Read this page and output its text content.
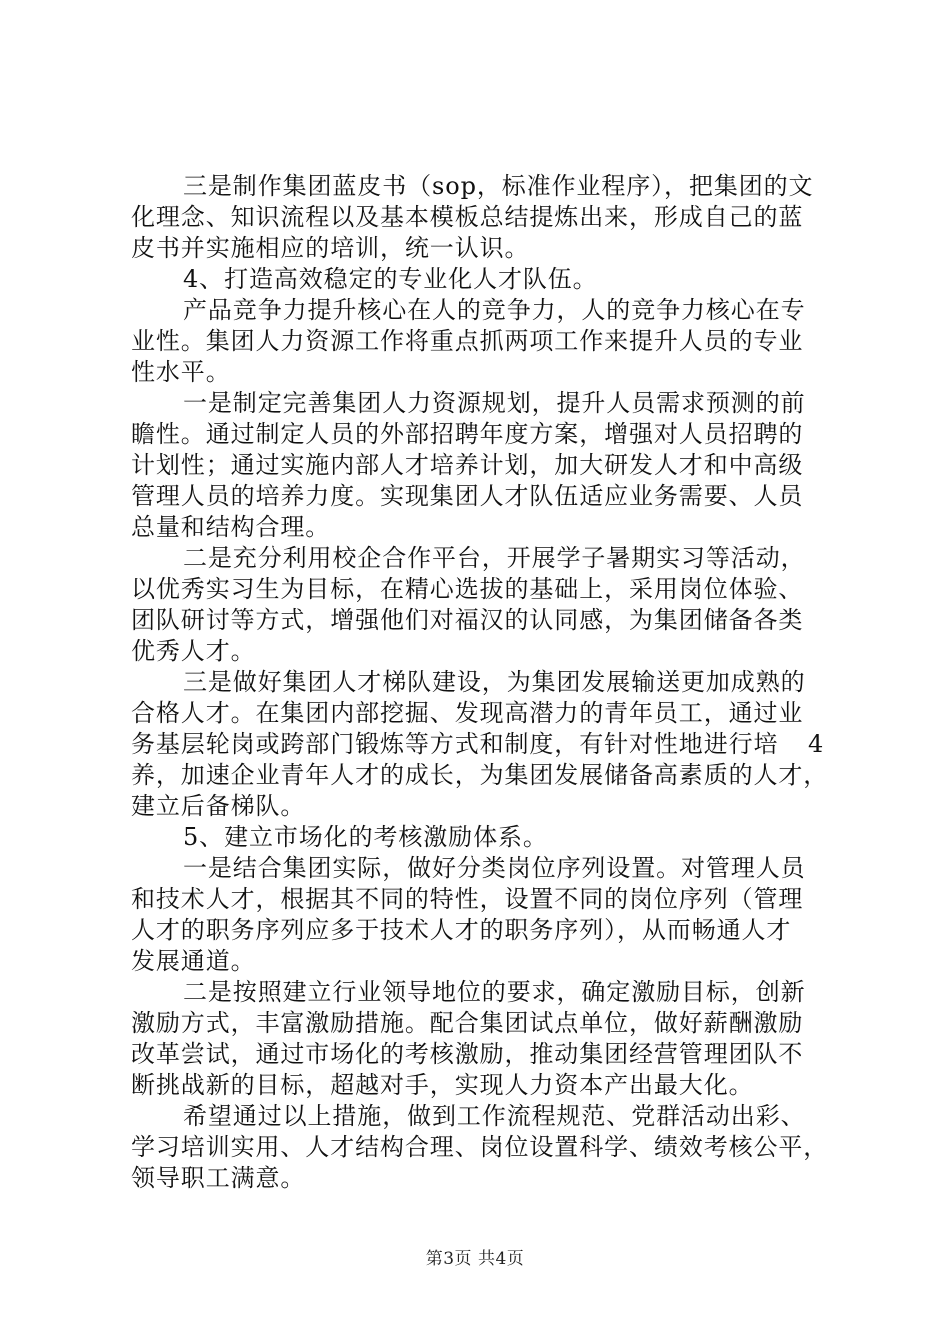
三是制作集团蓝皮书（sop，标准作业程序），把集团的文
化理念、知识流程以及基本模板总结提炼出来，形成自己的蓝
皮书并实施相应的培训，统一认识。
4、打造高效稳定的专业化人才队伍。
产品竞争力提升核心在人的竞争力，人的竞争力核心在专
业性。集团人力资源工作将重点抓两项工作来提升人员的专业
性水平。
一是制定完善集团人力资源规划，提升人员需求预测的前
瞻性。通过制定人员的外部招聘年度方案，增强对人员招聘的
计划性；通过实施内部人才培养计划，加大研发人才和中高级
管理人员的培养力度。实现集团人才队伍适应业务需要、人员
总量和结构合理。
二是充分利用校企合作平台，开展学子暑期实习等活动，
以优秀实习生为目标，在精心选拔的基础上，采用岗位体验、
团队研讨等方式，增强他们对福汉的认同感，为集团储备各类
优秀人才。
三是做好集团人才梯队建设，为集团发展输送更加成熟的
合格人才。在集团内部挖掘、发现高潜力的青年员工，通过业
务基层轮岗或跨部门锻炼等方式和制度，有针对性地进行培 4
养，加速企业青年人才的成长，为集团发展储备高素质的人才，
建立后备梯队。
5、建立市场化的考核激励体系。
一是结合集团实际，做好分类岗位序列设置。对管理人员
和技术人才，根据其不同的特性，设置不同的岗位序列（管理
人才的职务序列应多于技术人才的职务序列），从而畅通人才
发展通道。
二是按照建立行业领导地位的要求，确定激励目标，创新
激励方式，丰富激励措施。配合集团试点单位，做好薪酬激励
改革尝试，通过市场化的考核激励，推动集团经营管理团队不
断挑战新的目标，超越对手，实现人力资本产出最大化。
希望通过以上措施，做到工作流程规范、党群活动出彩、
学习培训实用、人才结构合理、岗位设置科学、绩效考核公平，
领导职工满意。
第3页 共4页
